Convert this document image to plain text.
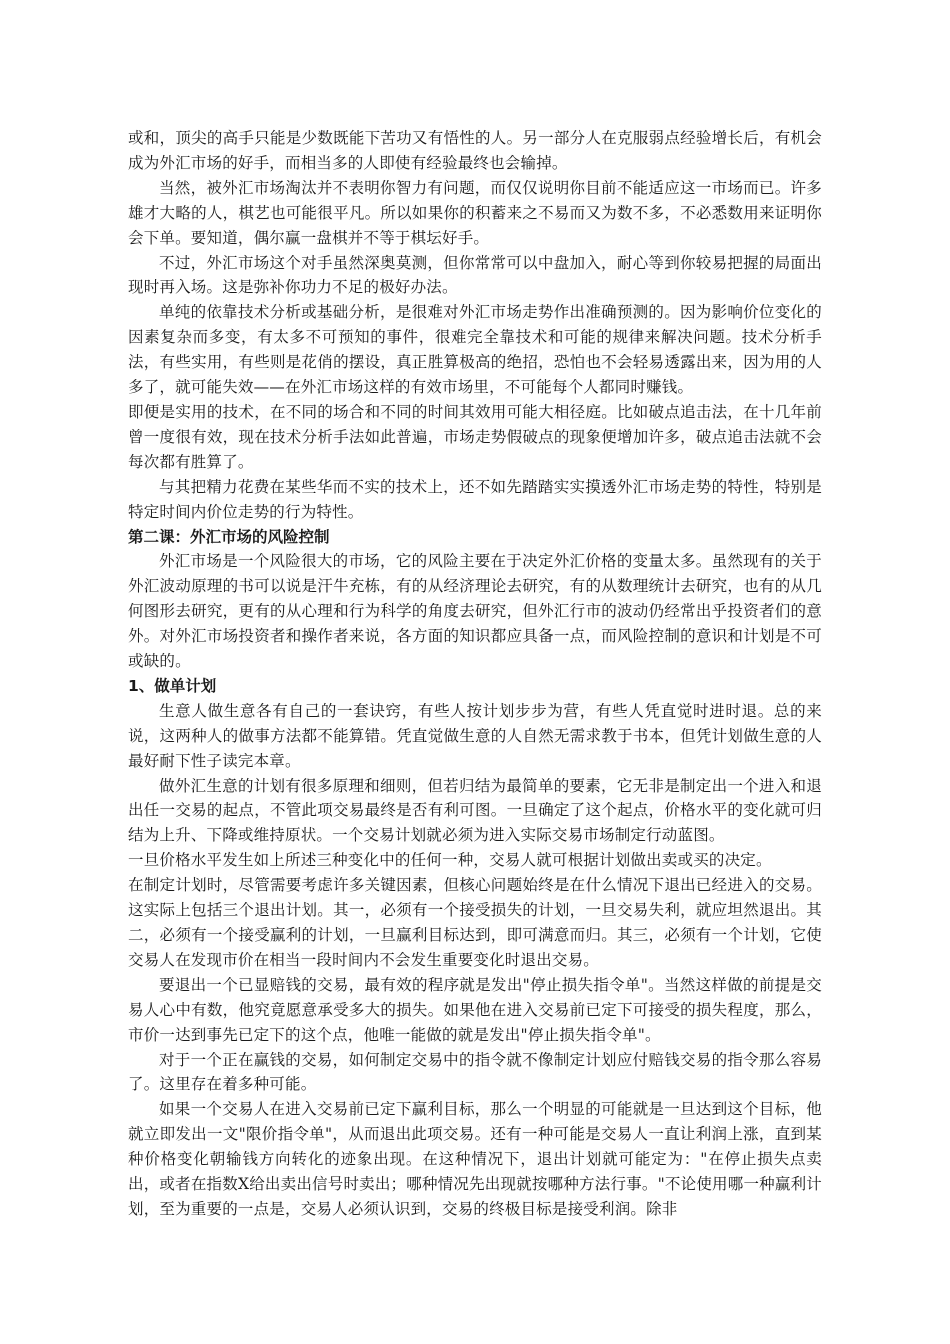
或和，顶尖的高手只能是少数既能下苦功又有悟性的人。另一部分人在克服弱点经验增长后，有机会成为外汇市场的好手，而相当多的人即使有经验最终也会输掉。

当然，被外汇市场淘汰并不表明你智力有问题，而仅仅说明你目前不能适应这一市场而已。许多雄才大略的人，棋艺也可能很平凡。所以如果你的积蓄来之不易而又为数不多，不必悉数用来证明你会下单。要知道，偶尔赢一盘棋并不等于棋坛好手。

不过，外汇市场这个对手虽然深奥莫测，但你常常可以中盘加入，耐心等到你较易把握的局面出现时再入场。这是弥补你功力不足的极好办法。

单纯的依靠技术分析或基础分析，是很难对外汇市场走势作出准确预测的。因为影响价位变化的因素复杂而多变，有太多不可预知的事件，很难完全靠技术和可能的规律来解决问题。技术分析手法，有些实用，有些则是花俏的摆设，真正胜算极高的绝招，恐怕也不会轻易透露出来，因为用的人多了，就可能失效——在外汇市场这样的有效市场里，不可能每个人都同时赚钱。

即便是实用的技术，在不同的场合和不同的时间其效用可能大相径庭。比如破点追击法，在十几年前曾一度很有效，现在技术分析手法如此普遍，市场走势假破点的现象便增加许多，破点追击法就不会每次都有胜算了。

与其把精力花费在某些华而不实的技术上，还不如先踏踏实实摸透外汇市场走势的特性，特别是特定时间内价位走势的行为特性。

第二课：外汇市场的风险控制

外汇市场是一个风险很大的市场，它的风险主要在于决定外汇价格的变量太多。虽然现有的关于外汇波动原理的书可以说是汗牛充栋，有的从经济理论去研究，有的从数理统计去研究，也有的从几何图形去研究，更有的从心理和行为科学的角度去研究，但外汇行市的波动仍经常出乎投资者们的意外。对外汇市场投资者和操作者来说，各方面的知识都应具备一点，而风险控制的意识和计划是不可或缺的。

1、做单计划

生意人做生意各有自己的一套诀窍，有些人按计划步步为营，有些人凭直觉时进时退。总的来说，这两种人的做事方法都不能算错。凭直觉做生意的人自然无需求教于书本，但凭计划做生意的人最好耐下性子读完本章。

做外汇生意的计划有很多原理和细则，但若归结为最简单的要素，它无非是制定出一个进入和退出任一交易的起点，不管此项交易最终是否有利可图。一旦确定了这个起点，价格水平的变化就可归结为上升、下降或维持原状。一个交易计划就必须为进入实际交易市场制定行动蓝图。

一旦价格水平发生如上所述三种变化中的任何一种，交易人就可根据计划做出卖或买的决定。

在制定计划时，尽管需要考虑许多关键因素，但核心问题始终是在什么情况下退出已经进入的交易。这实际上包括三个退出计划。其一，必须有一个接受损失的计划，一旦交易失利，就应坦然退出。其二，必须有一个接受赢利的计划，一旦赢利目标达到，即可满意而归。其三，必须有一个计划，它使交易人在发现市价在相当一段时间内不会发生重要变化时退出交易。

要退出一个已显赔钱的交易，最有效的程序就是发出"停止损失指令单"。当然这样做的前提是交易人心中有数，他究竟愿意承受多大的损失。如果他在进入交易前已定下可接受的损失程度，那么，市价一达到事先已定下的这个点，他唯一能做的就是发出"停止损失指令单"。

对于一个正在赢钱的交易，如何制定交易中的指令就不像制定计划应付赔钱交易的指令那么容易了。这里存在着多种可能。

如果一个交易人在进入交易前已定下赢利目标，那么一个明显的可能就是一旦达到这个目标，他就立即发出一文"限价指令单"，从而退出此项交易。还有一种可能是交易人一直让利润上涨，直到某种价格变化朝输钱方向转化的迹象出现。在这种情况下，退出计划就可能定为："在停止损失点卖出，或者在指数X给出卖出信号时卖出；哪种情况先出现就按哪种方法行事。"不论使用哪一种赢利计划，至为重要的一点是，交易人必须认识到，交易的终极目标是接受利润。除非
